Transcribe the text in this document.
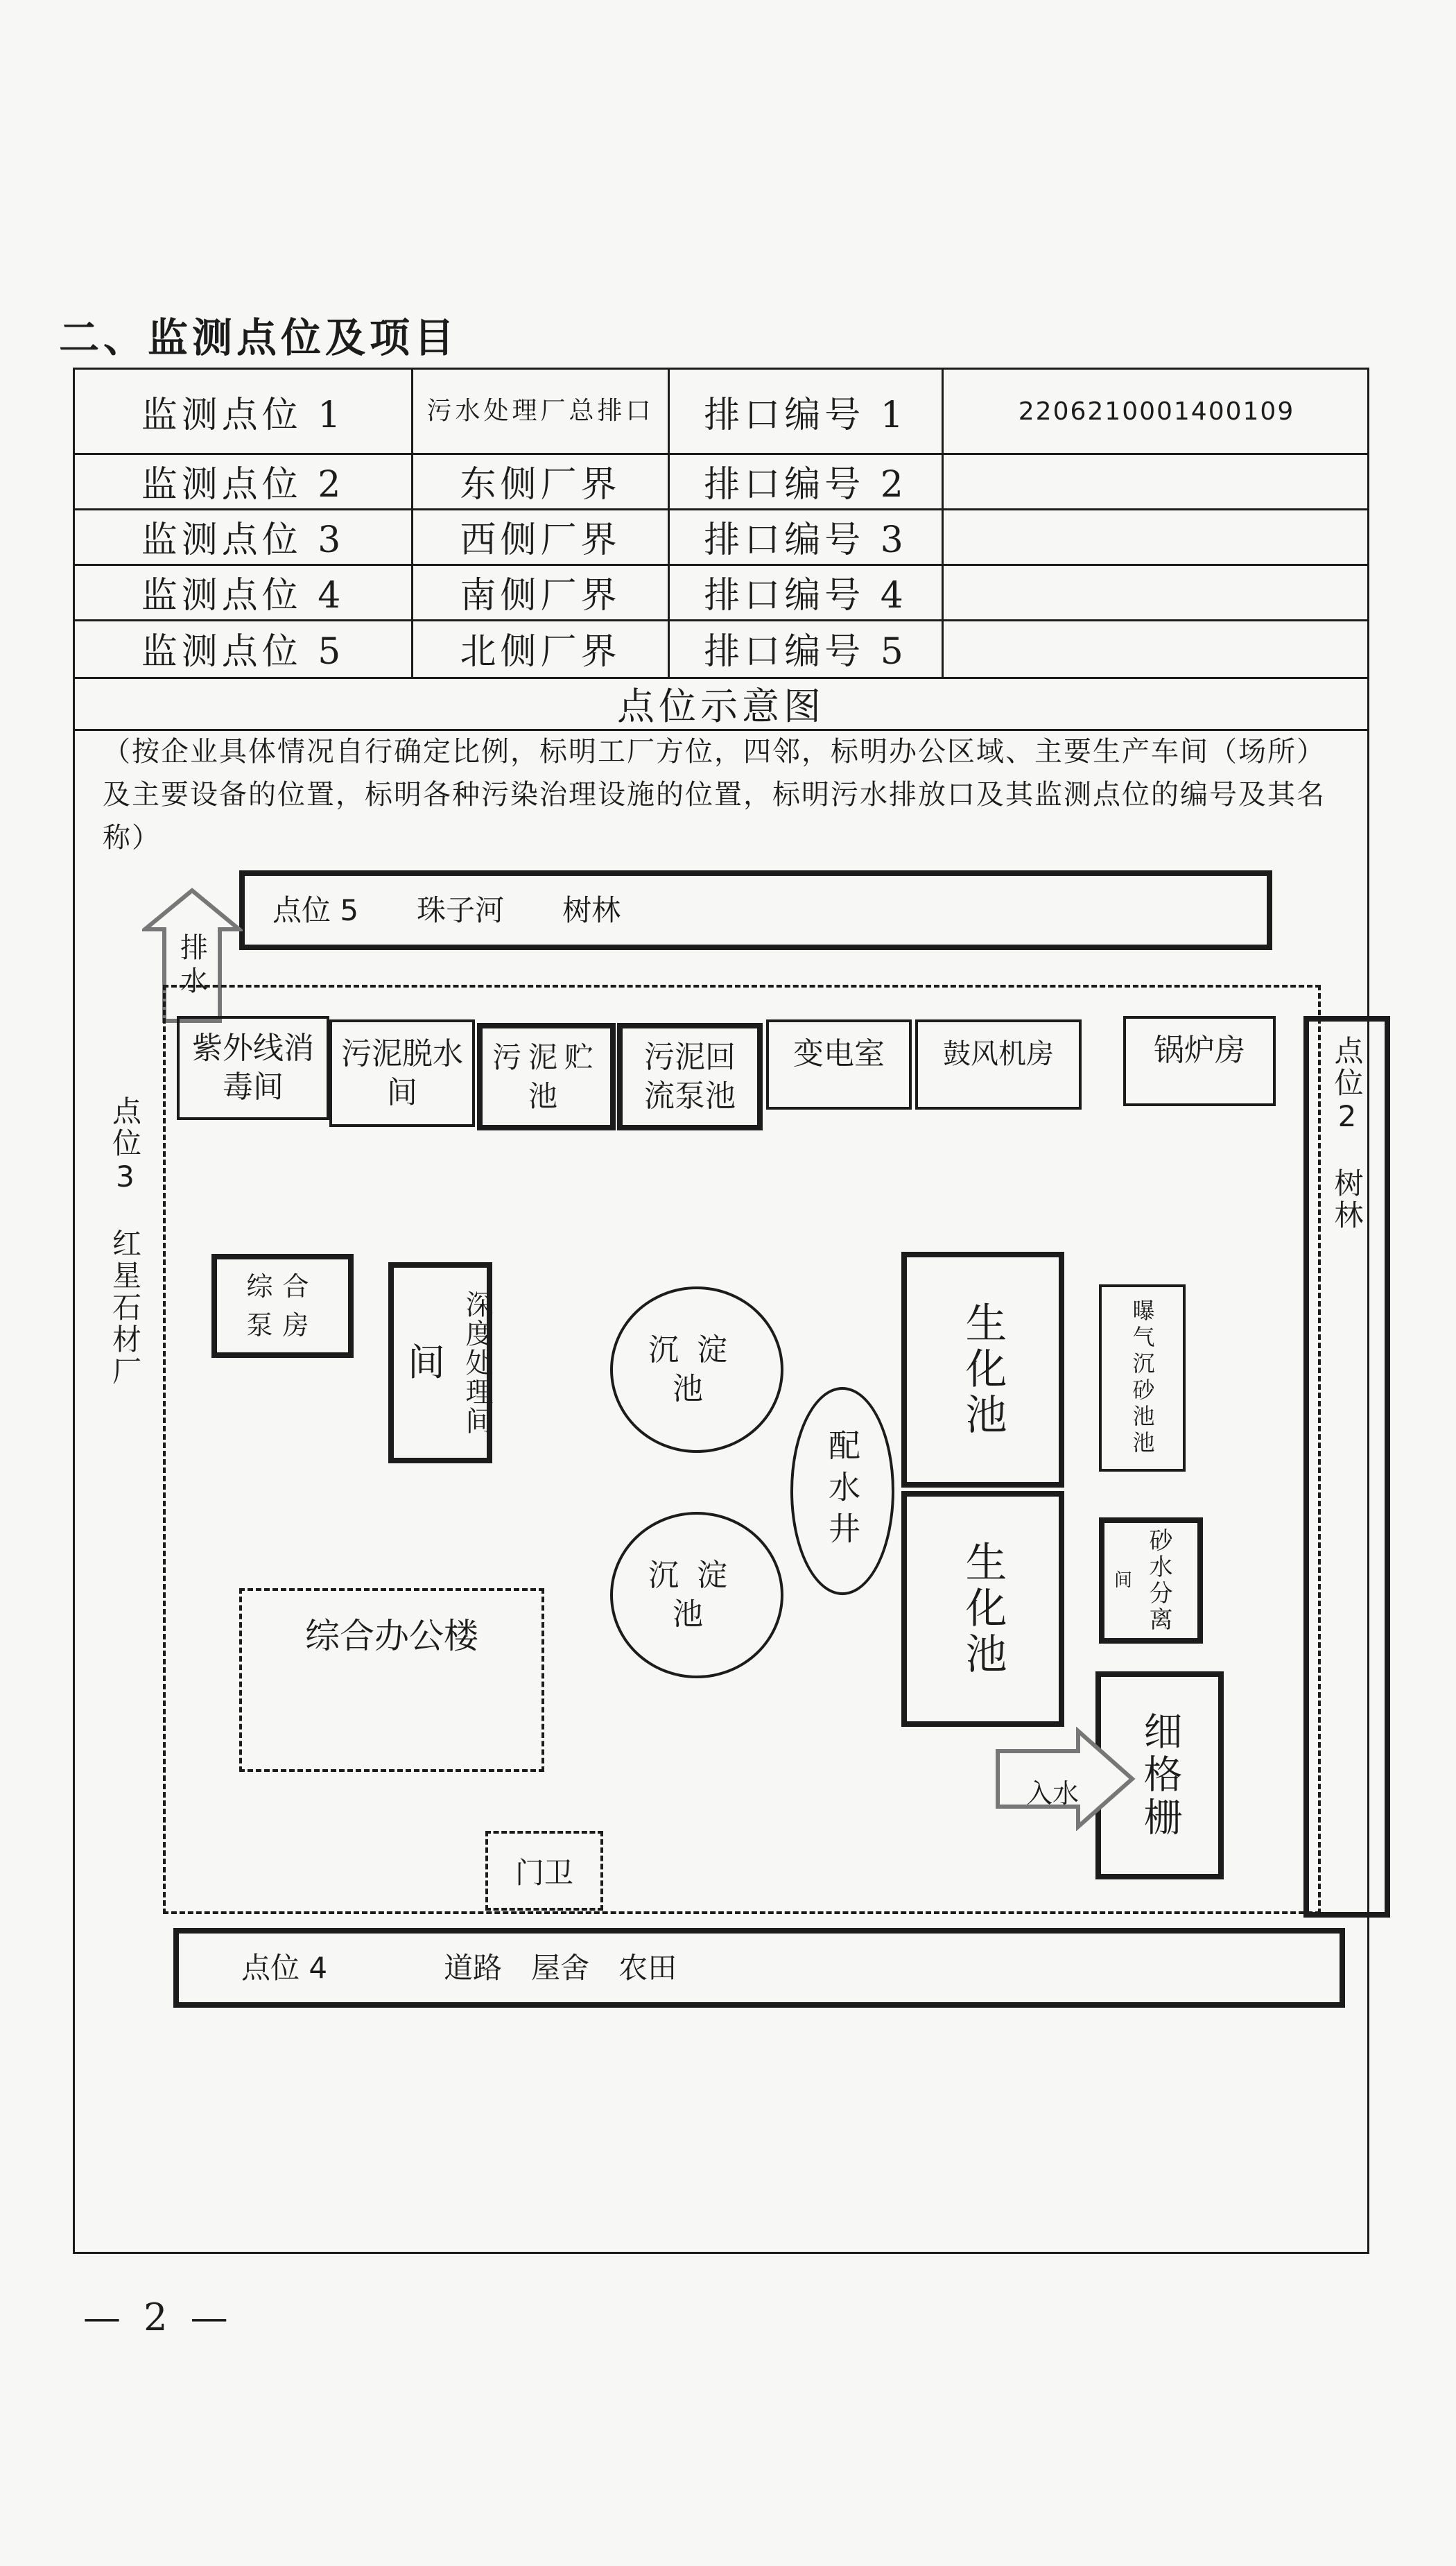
二、监测点位及项目
监测点位 1	污水处理厂总排口	排口编号 1	2206210001400109
监测点位 2	东侧厂界	排口编号 2
监测点位 3	西侧厂界	排口编号 3
监测点位 4	南侧厂界	排口编号 4
监测点位 5	北侧厂界	排口编号 5
点位示意图
（按企业具体情况自行确定比例，标明工厂方位，四邻，标明办公区域、主要生产车间（场所）及主要设备的位置，标明各种污染治理设施的位置，标明污水排放口及其监测点位的编号及其名称）
点位 5　　珠子河　　树林
排水
点位3　红星石材厂	点位2　树林
紫外线消毒间
污泥脱水间
污泥贮池
污泥回流泵池
变电室	鼓风机房	锅炉房
综合泵房
间 深度处理间	沉淀池
沉淀池
配水井
生化池
生化池
曝气沉砂池池
间 砂水分离
细格栅
入水
综合办公楼
门卫
点位 4　　　　道路　屋舍　农田
— 2 —
